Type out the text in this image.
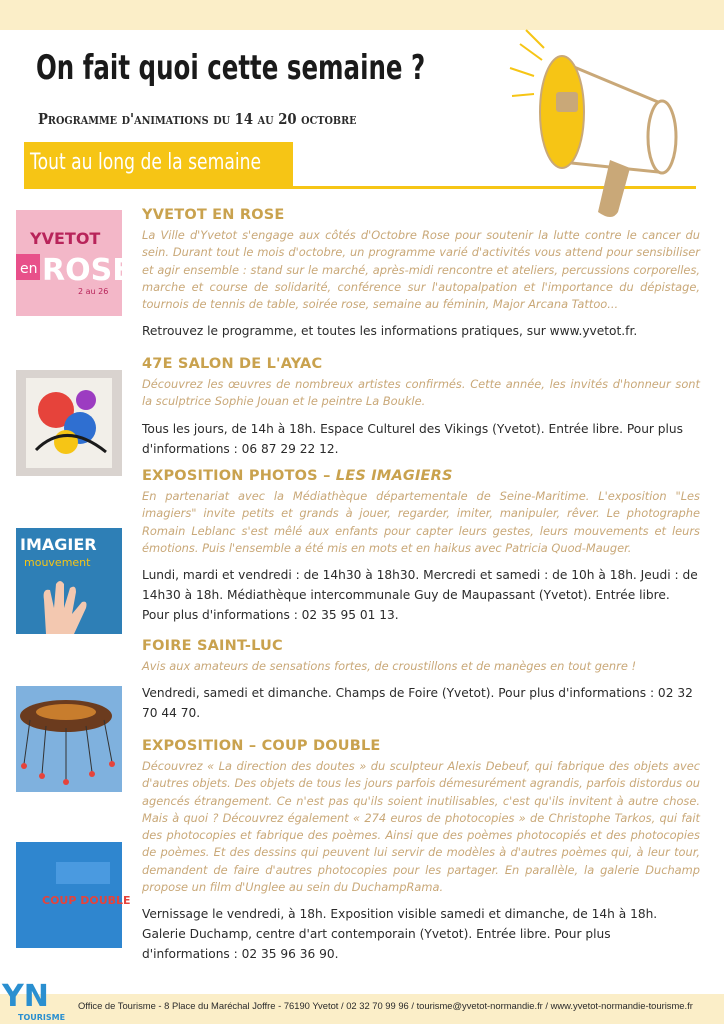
On fait quoi cette semaine ?

Programme d'animations du 14 au 20 octobre

Tout au long de la semaine
YVETOT
en ROSE
2 au 26
YVETOT EN ROSE

La Ville d'Yvetot s'engage aux côtés d'Octobre Rose pour soutenir la lutte contre le cancer du sein. Durant tout le mois d'octobre, un programme varié d'activités vous attend pour sensibiliser et agir ensemble : stand sur le marché, après-midi rencontre et ateliers, percussions corporelles, marche et course de solidarité, conférence sur l'autopalpation et l'importance du dépistage, tournois de tennis de table, soirée rose, semaine au féminin, Major Arcana Tattoo...

Retrouvez le programme, et toutes les informations pratiques, sur www.yvetot.fr.

47E SALON DE L'AYAC

Découvrez les œuvres de nombreux artistes confirmés. Cette année, les invités d'honneur sont la sculptrice Sophie Jouan et le peintre La Boukle.

Tous les jours, de 14h à 18h. Espace Culturel des Vikings (Yvetot). Entrée libre. Pour plus d'informations : 06 87 29 22 12.

IMAGIER
mouvement
EXPOSITION PHOTOS – LES IMAGIERS

En partenariat avec la Médiathèque départementale de Seine-Maritime. L'exposition "Les imagiers" invite petits et grands à jouer, regarder, imiter, manipuler, rêver. Le photographe Romain Leblanc s'est mêlé aux enfants pour capter leurs gestes, leurs mouvements et leurs émotions. Puis l'ensemble a été mis en mots et en haikus avec Patricia Quod-Mauger.

Lundi, mardi et vendredi : de 14h30 à 18h30. Mercredi et samedi : de 10h à 18h. Jeudi : de 14h30 à 18h. Médiathèque intercommunale Guy de Maupassant (Yvetot). Entrée libre. Pour plus d'informations : 02 35 95 01 13.

FOIRE SAINT-LUC

Avis aux amateurs de sensations fortes, de croustillons et de manèges en tout genre !

Vendredi, samedi et dimanche. Champs de Foire (Yvetot). Pour plus d'informations : 02 32 70 44 70.

COUP DOUBLE
EXPOSITION – COUP DOUBLE

Découvrez « La direction des doutes » du sculpteur Alexis Debeuf, qui fabrique des objets avec d'autres objets. Des objets de tous les jours parfois démesurément agrandis, parfois distordus ou agencés étrangement. Ce n'est pas qu'ils soient inutilisables, c'est qu'ils invitent à autre chose. Mais à quoi ? Découvrez également « 274 euros de photocopies » de Christophe Tarkos, qui fait des photocopies et fabrique des poèmes. Ainsi que des poèmes photocopiés et des photocopies de poèmes. Et des dessins qui peuvent lui servir de modèles à d'autres poèmes qui, à leur tour, demandent de faire d'autres photocopies pour les partager. En parallèle, la galerie Duchamp propose un film d'Unglee au sein du DuchampRama.

Vernissage le vendredi, à 18h. Exposition visible samedi et dimanche, de 14h à 18h. Galerie Duchamp, centre d'art contemporain (Yvetot). Entrée libre. Pour plus d'informations : 02 35 96 36 90.

YN
TOURISME
Office de Tourisme - 8 Place du Maréchal Joffre - 76190 Yvetot / 02 32 70 99 96 / tourisme@yvetot-normandie.fr / www.yvetot-normandie-tourisme.fr
